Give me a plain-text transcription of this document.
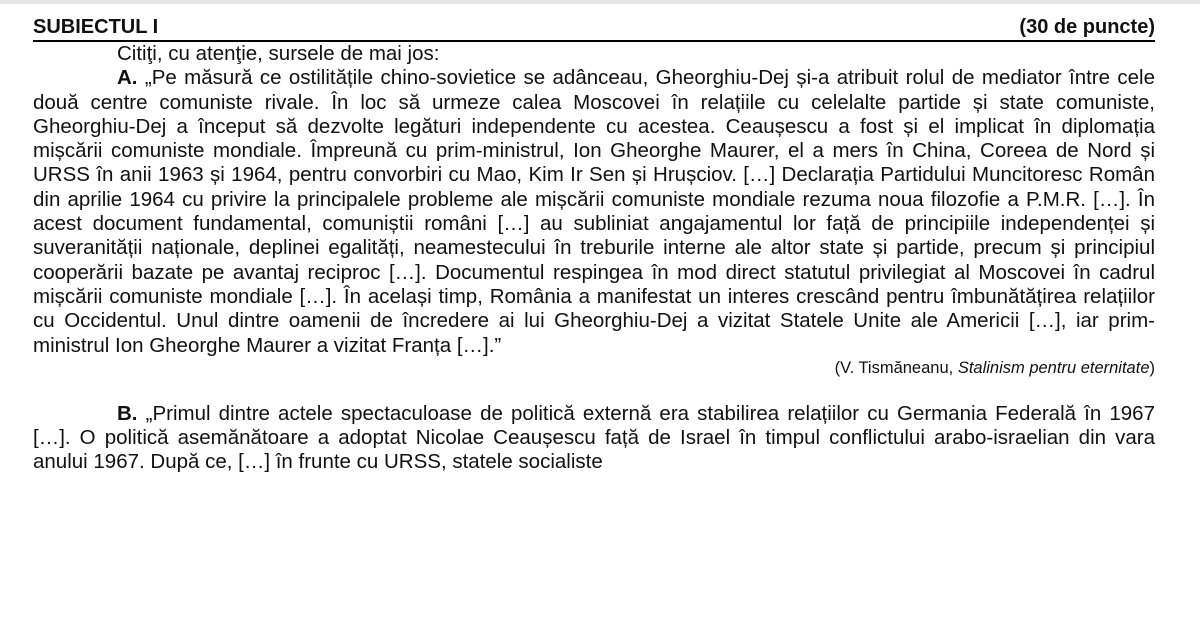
SUBIECTUL I	(30 de puncte)

Citiţi, cu atenţie, sursele de mai jos:

A. „Pe măsură ce ostilitățile chino-sovietice se adânceau, Gheorghiu-Dej și-a atribuit rolul de mediator între cele două centre comuniste rivale. În loc să urmeze calea Moscovei în relațiile cu celelalte partide și state comuniste, Gheorghiu-Dej a început să dezvolte legături independente cu acestea. Ceaușescu a fost și el implicat în diplomația mișcării comuniste mondiale. Împreună cu prim-ministrul, Ion Gheorghe Maurer, el a mers în China, Coreea de Nord și URSS în anii 1963 și 1964, pentru convorbiri cu Mao, Kim Ir Sen și Hrușciov. […] Declarația Partidului Muncitoresc Român din aprilie 1964 cu privire la principalele probleme ale mișcării comuniste mondiale rezuma noua filozofie a P.M.R. […]. În acest document fundamental, comuniștii români […] au subliniat angajamentul lor față de principiile independenței și suveranității naționale, deplinei egalități, neamestecului în treburile interne ale altor state și partide, precum și principiul cooperării bazate pe avantaj reciproc […]. Documentul respingea în mod direct statutul privilegiat al Moscovei în cadrul mișcării comuniste mondiale […]. În același timp, România a manifestat un interes crescând pentru îmbunătățirea relațiilor cu Occidentul. Unul dintre oamenii de încredere ai lui Gheorghiu-Dej a vizitat Statele Unite ale Americii […], iar prim-ministrul Ion Gheorghe Maurer a vizitat Franța […].”

(V. Tismăneanu, Stalinism pentru eternitate)

B. „Primul dintre actele spectaculoase de politică externă era stabilirea relațiilor cu Germania Federală în 1967 […]. O politică asemănătoare a adoptat Nicolae Ceaușescu față de Israel în timpul conflictului arabo-israelian din vara anului 1967. După ce, […] în frunte cu URSS, statele socialiste
